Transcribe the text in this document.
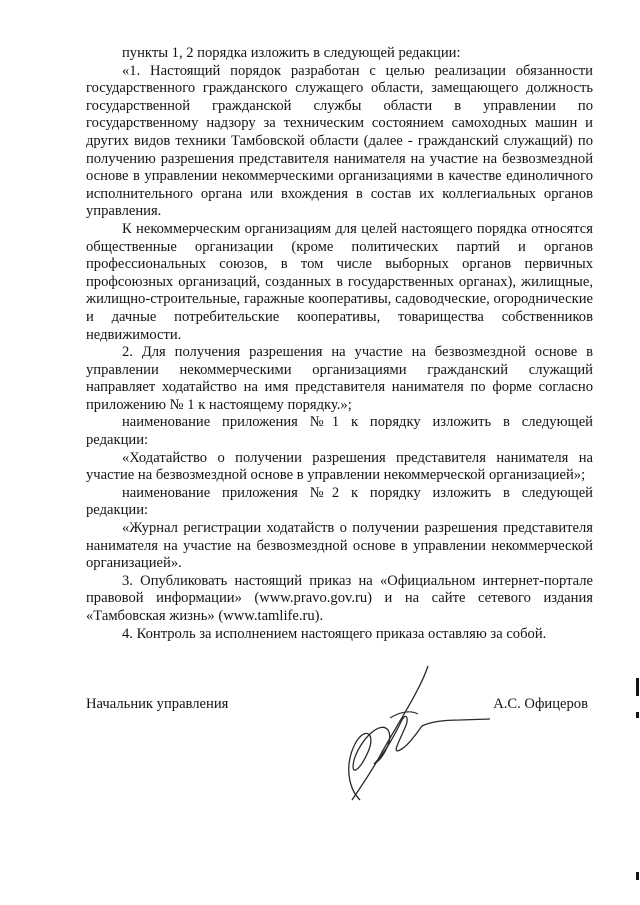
пункты 1, 2 порядка изложить в следующей редакции:

«1. Настоящий порядок разработан с целью реализации обязанности государственного гражданского служащего области, замещающего должность государственной гражданской службы области в управлении по государственному надзору за техническим состоянием самоходных машин и других видов техники Тамбовской области (далее - гражданский служащий) по получению разрешения представителя нанимателя на участие на безвозмездной основе в управлении некоммерческими организациями в качестве единоличного исполнительного органа или вхождения в состав их коллегиальных органов управления.

К некоммерческим организациям для целей настоящего порядка относятся общественные организации (кроме политических партий и органов профессиональных союзов, в том числе выборных органов первичных профсоюзных организаций, созданных в государственных органах), жилищные, жилищно-строительные, гаражные кооперативы, садоводческие, огороднические и дачные потребительские кооперативы, товарищества собственников недвижимости.

2. Для получения разрешения на участие на безвозмездной основе в управлении некоммерческими организациями гражданский служащий направляет ходатайство на имя представителя нанимателя по форме согласно приложению № 1 к настоящему порядку.»;

наименование приложения №1 к порядку изложить в следующей редакции:

«Ходатайство о получении разрешения представителя нанимателя на участие на безвозмездной основе в управлении некоммерческой организацией»;

наименование приложения №2 к порядку изложить в следующей редакции:

«Журнал регистрации ходатайств о получении разрешения представителя нанимателя на участие на безвозмездной основе в управлении некоммерческой организацией».

3. Опубликовать настоящий приказ на «Официальном интернет-портале правовой информации» (www.pravo.gov.ru) и на сайте сетевого издания «Тамбовская жизнь» (www.tamlife.ru).

4. Контроль за исполнением настоящего приказа оставляю за собой.

Начальник управления	А.С. Офицеров
